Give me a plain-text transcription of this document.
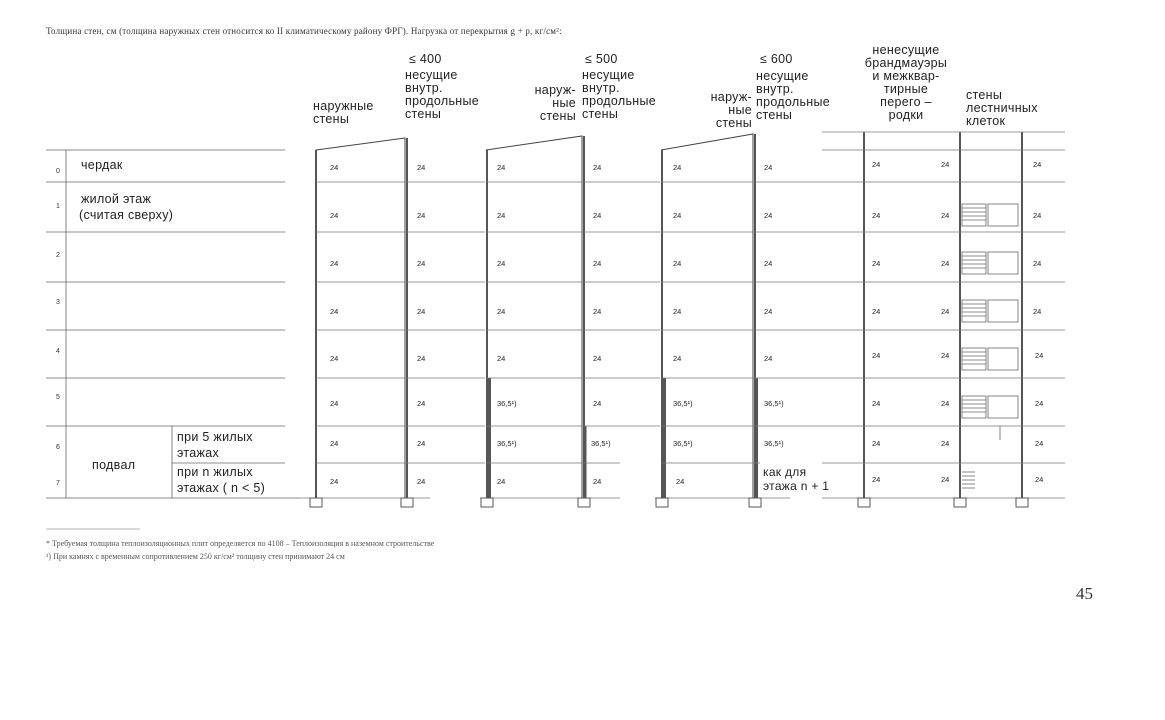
Толщина стен, см (толщина наружных стен относится ко II климатическому району ФРГ). Нагрузка от перекрытия g + p, кг/см²:
≤ 400	≤ 500	≤ 600
наружные
стены
несущие
внутр.
продольные
стены
наруж-
ные
стены
несущие
внутр.
продольные
стены
наруж-
ные
стены
несущие
внутр.
продольные
стены
ненесущие
брандмауэры
и межквар-
тирные
перего –
родки
стены
лестничных
клеток
0
1
2
3
4
5
6
7
чердак
жилой этаж
(считая сверху)
подвал
при 5 жилых
этажах
при n жилых
этажах ( n < 5)
24
24
24
24
24
24
24
24
24
24
24
24
24
24
24
24
24
24
24
24
24
36,5¹)
36,5¹)
24
24
24
24
24
24
24
36,5¹)
24
24
24
24
24
24
36,5¹)
36,5¹)
24
24
24
24
24
24
36,5¹)
36,5¹)
как для
этажа n + 1
24
24
24
24
24
24
24
24
24
24
24
24
24
24
24
24
24
24
24
24
24
24
24
24
* Требуемая толщина теплоизоляционных плит определяется по 4108 – Теплоизоляция в наземном строительстве
¹) При камнях с временным сопротивлением 250 кг/см² толщину стен принимают 24 см
45
